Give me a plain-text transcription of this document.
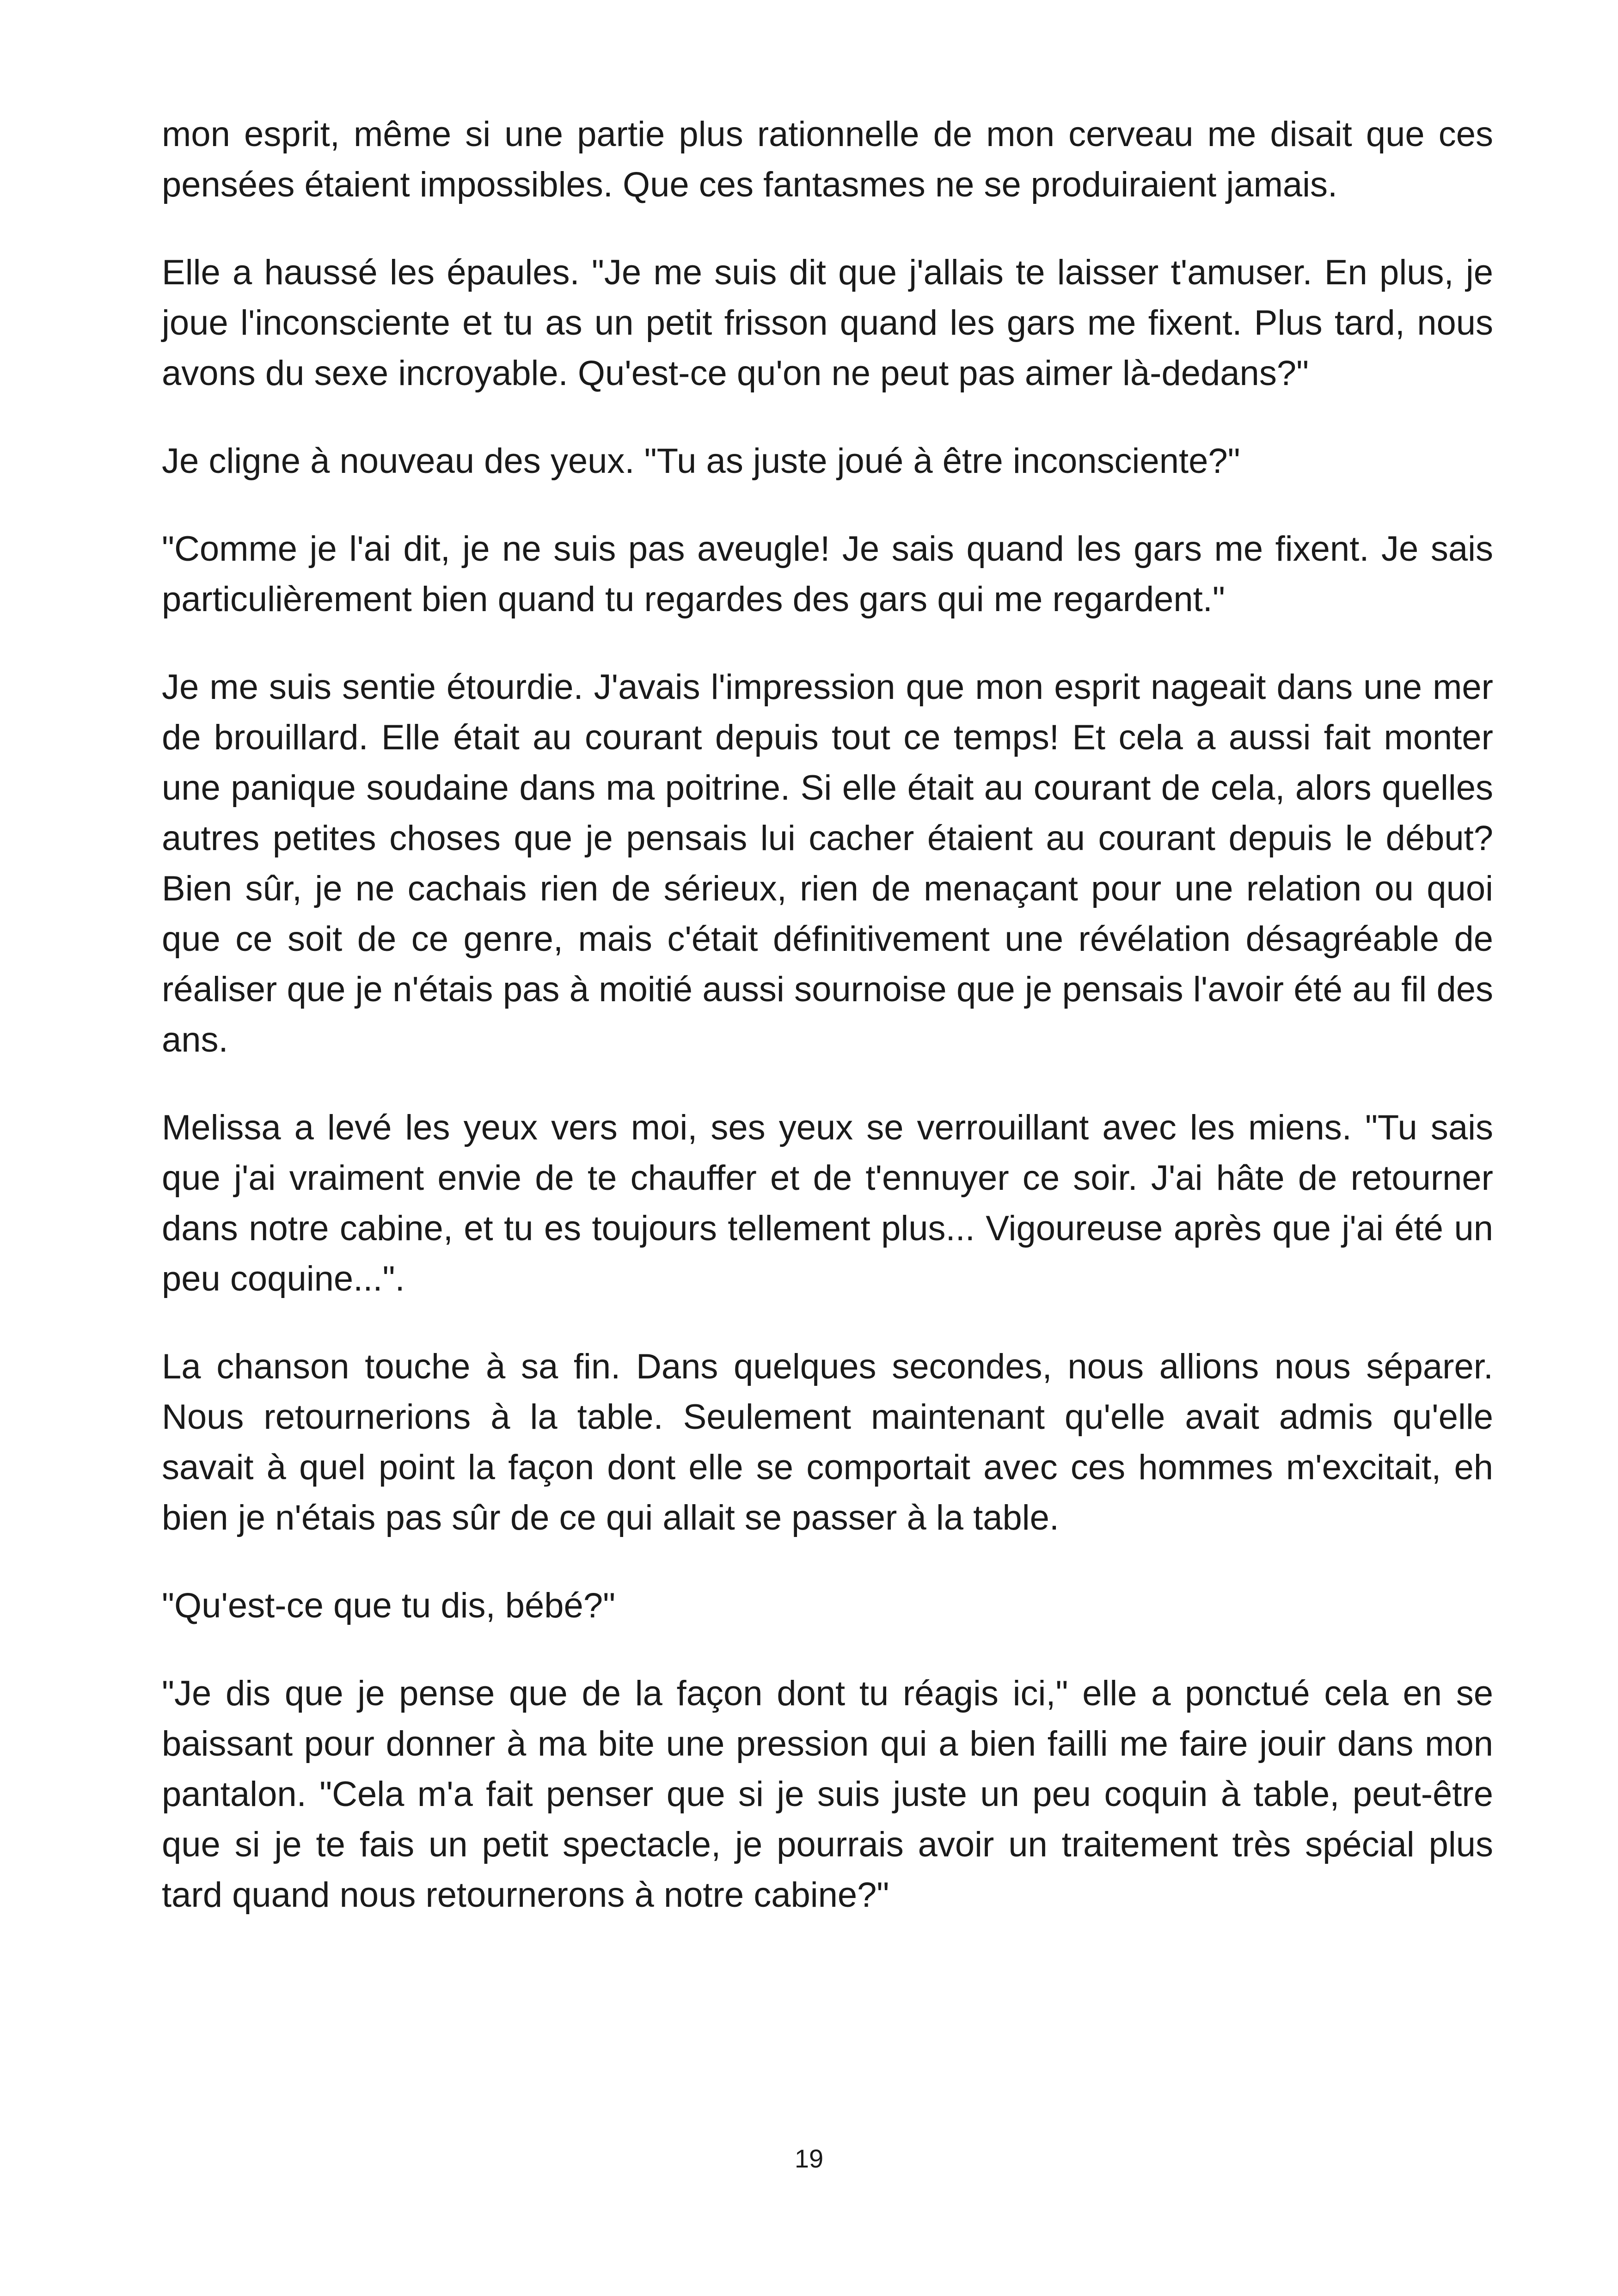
mon esprit, même si une partie plus rationnelle de mon cerveau me disait que ces pensées étaient impossibles. Que ces fantasmes ne se produiraient jamais.

Elle a haussé les épaules. "Je me suis dit que j'allais te laisser t'amuser. En plus, je joue l'inconsciente et tu as un petit frisson quand les gars me fixent. Plus tard, nous avons du sexe incroyable. Qu'est-ce qu'on ne peut pas aimer là-dedans?"

Je cligne à nouveau des yeux. "Tu as juste joué à être inconsciente?"

"Comme je l'ai dit, je ne suis pas aveugle! Je sais quand les gars me fixent. Je sais particulièrement bien quand tu regardes des gars qui me regardent."

Je me suis sentie étourdie. J'avais l'impression que mon esprit nageait dans une mer de brouillard. Elle était au courant depuis tout ce temps! Et cela a aussi fait monter une panique soudaine dans ma poitrine. Si elle était au courant de cela, alors quelles autres petites choses que je pensais lui cacher étaient au courant depuis le début? Bien sûr, je ne cachais rien de sérieux, rien de menaçant pour une relation ou quoi que ce soit de ce genre, mais c'était définitivement une révélation désagréable de réaliser que je n'étais pas à moitié aussi sournoise que je pensais l'avoir été au fil des ans.

Melissa a levé les yeux vers moi, ses yeux se verrouillant avec les miens. "Tu sais que j'ai vraiment envie de te chauffer et de t'ennuyer ce soir. J'ai hâte de retourner dans notre cabine, et tu es toujours tellement plus... Vigoureuse après que j'ai été un peu coquine...".

La chanson touche à sa fin. Dans quelques secondes, nous allions nous séparer. Nous retournerions à la table. Seulement maintenant qu'elle avait admis qu'elle savait à quel point la façon dont elle se comportait avec ces hommes m'excitait, eh bien je n'étais pas sûr de ce qui allait se passer à la table.

"Qu'est-ce que tu dis, bébé?"

"Je dis que je pense que de la façon dont tu réagis ici," elle a ponctué cela en se baissant pour donner à ma bite une pression qui a bien failli me faire jouir dans mon pantalon. "Cela m'a fait penser que si je suis juste un peu coquin à table, peut-être que si je te fais un petit spectacle, je pourrais avoir un traitement très spécial plus tard quand nous retournerons à notre cabine?"

19
